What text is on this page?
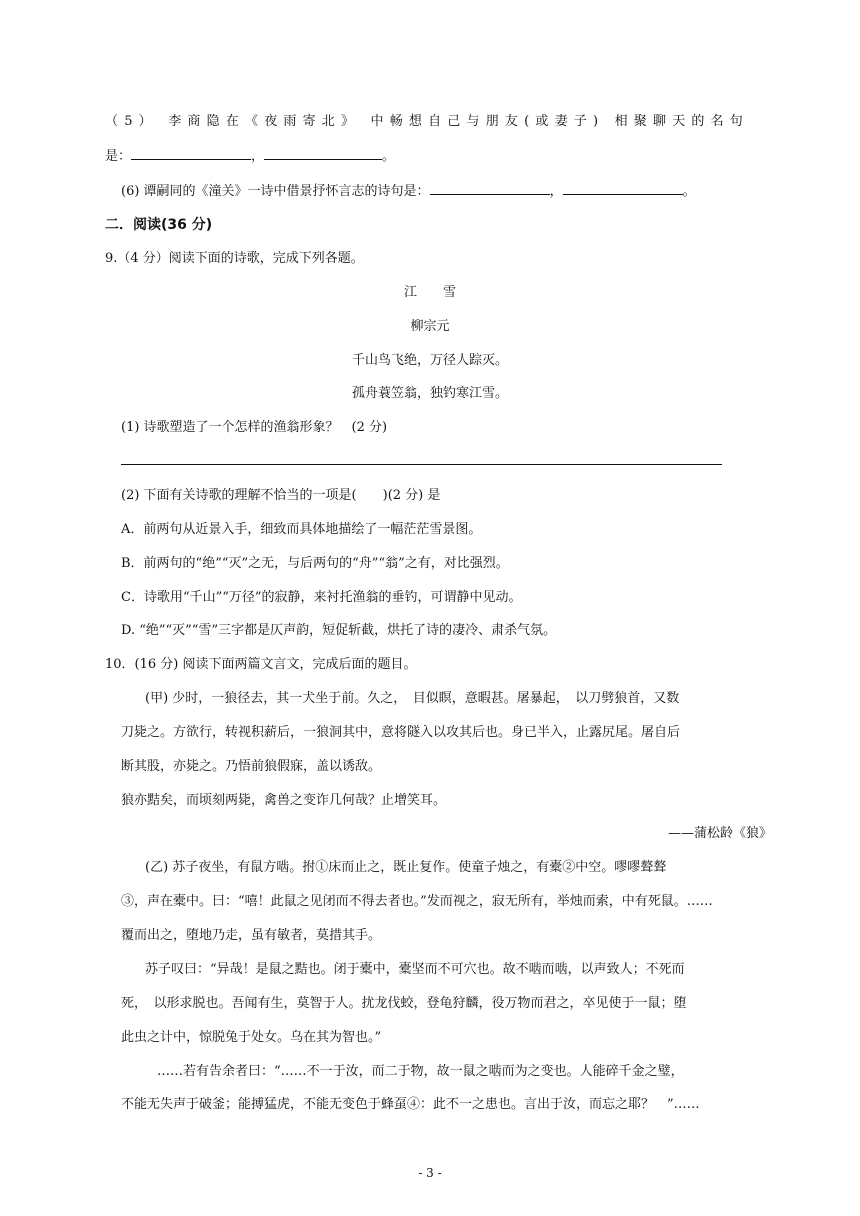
（5） 李商隐在《夜雨寄北》 中畅想自己与朋友(或妻子) 相聚聊天的名句
是：	，	。
(6) 谭嗣同的《潼关》一诗中借景抒怀言志的诗句是：	，	。
二．阅读(36 分)
9.（4 分）阅读下面的诗歌，完成下列各题。
江　　雪
柳宗元
千山鸟飞绝，万径人踪灭。
孤舟蓑笠翁，独钓寒江雪。
(1) 诗歌塑造了一个怎样的渔翁形象？　(2 分)
(2) 下面有关诗歌的理解不恰当的一项是(　　)(2 分) 是
A．前两句从近景入手，细致而具体地描绘了一幅茫茫雪景图。
B．前两句的“绝”“灭”之无，与后两句的“舟”“翁”之有，对比强烈。
C．诗歌用“千山”“万径”的寂静，来衬托渔翁的垂钓，可谓静中见动。
D. “绝”“灭”“雪”三字都是仄声韵，短促斩截，烘托了诗的凄冷、肃杀气氛。
10．(16 分) 阅读下面两篇文言文，完成后面的题目。
(甲) 少时，一狼径去，其一犬坐于前。久之，　目似瞑，意暇甚。屠暴起，　以刀劈狼首，又数
刀毙之。方欲行，转视积薪后，一狼洞其中，意将隧入以攻其后也。身已半入，止露尻尾。屠自后
断其股，亦毙之。乃悟前狼假寐，盖以诱敌。
狼亦黠矣，而顷刻两毙，禽兽之变诈几何哉？止增笑耳。
——蒲松龄《狼》
(乙) 苏子夜坐，有鼠方啮。拊①床而止之，既止复作。使童子烛之，有橐②中空。嘐嘐聱聱
③，声在橐中。曰：“嘻！此鼠之见闭而不得去者也。”发而视之，寂无所有，举烛而索，中有死鼠。……
覆而出之，堕地乃走，虽有敏者，莫措其手。
苏子叹曰：“异哉！是鼠之黠也。闭于橐中，橐坚而不可穴也。故不啮而啮，以声致人；不死而
死，　以形求脱也。吾闻有生，莫智于人。扰龙伐蛟，登龟狩麟，役万物而君之，卒见使于一鼠；堕
此虫之计中，惊脱兔于处女。乌在其为智也。”
……若有告余者曰：“……不一于汝，而二于物，故一鼠之啮而为之变也。人能碎千金之璧，
不能无失声于破釜；能搏猛虎，不能无变色于蜂虿④：此不一之患也。言出于汝，而忘之耶？　”……
- 3 -
